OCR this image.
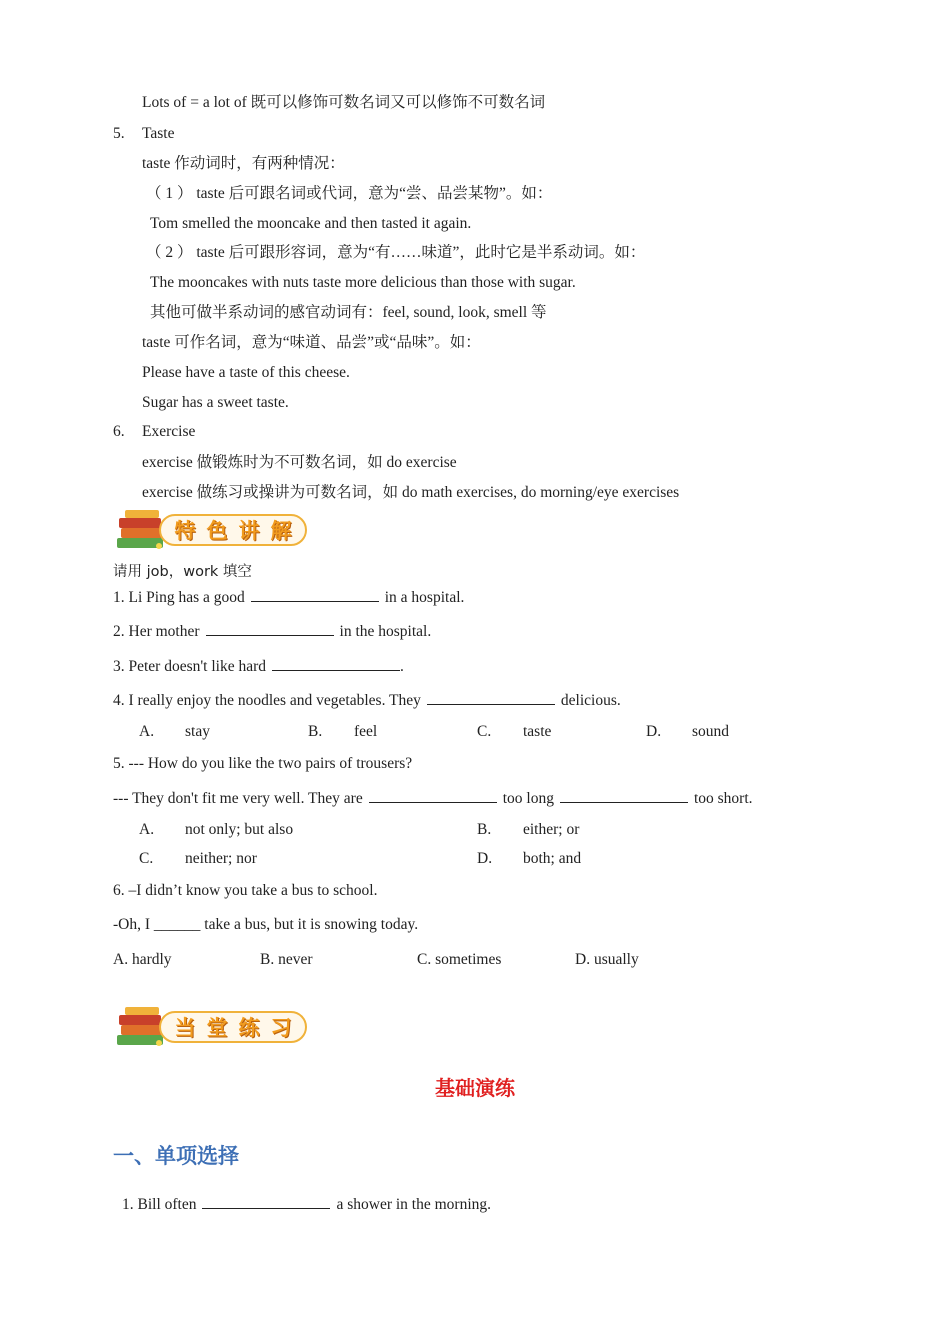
Lots of = a lot of 既可以修饰可数名词又可以修饰不可数名词
5. Taste
taste 作动词时，有两种情况：
（ 1 ） taste 后可跟名词或代词，意为“尝、品尝某物”。如：
Tom smelled the mooncake and then tasted it again.
（ 2 ） taste 后可跟形容词，意为“有……味道”，此时它是半系动词。如：
The mooncakes with nuts taste more delicious than those with sugar.
其他可做半系动词的感官动词有：feel, sound, look, smell 等
taste 可作名词，意为“味道、品尝”或“品味”。如：
Please have a taste of this cheese.
Sugar has a sweet taste.
6. Exercise
exercise 做锻炼时为不可数名词，如 do exercise
exercise 做练习或操讲为可数名词，如 do math exercises, do morning/eye exercises
特 色 讲 解
请用 job，work 填空
1. Li Ping has a good	in a hospital.
2. Her mother	in the hospital.
3. Peter doesn't like hard	.
4. I really enjoy the noodles and vegetables. They	delicious.
A. stay	B. feel	C. taste	D. sound
5. --- How do you like the two pairs of trousers?
--- They don't fit me very well. They are	too long	too short.
A. not only; but also	B. either; or
C. neither; nor	D. both; and
6. –I didn’t know you take a bus to school.
-Oh, I ______ take a bus, but it is snowing today.
A. hardly	B. never	C. sometimes	D. usually
当 堂 练 习
基础演练
一、单项选择
1. Bill often	a shower in the morning.
